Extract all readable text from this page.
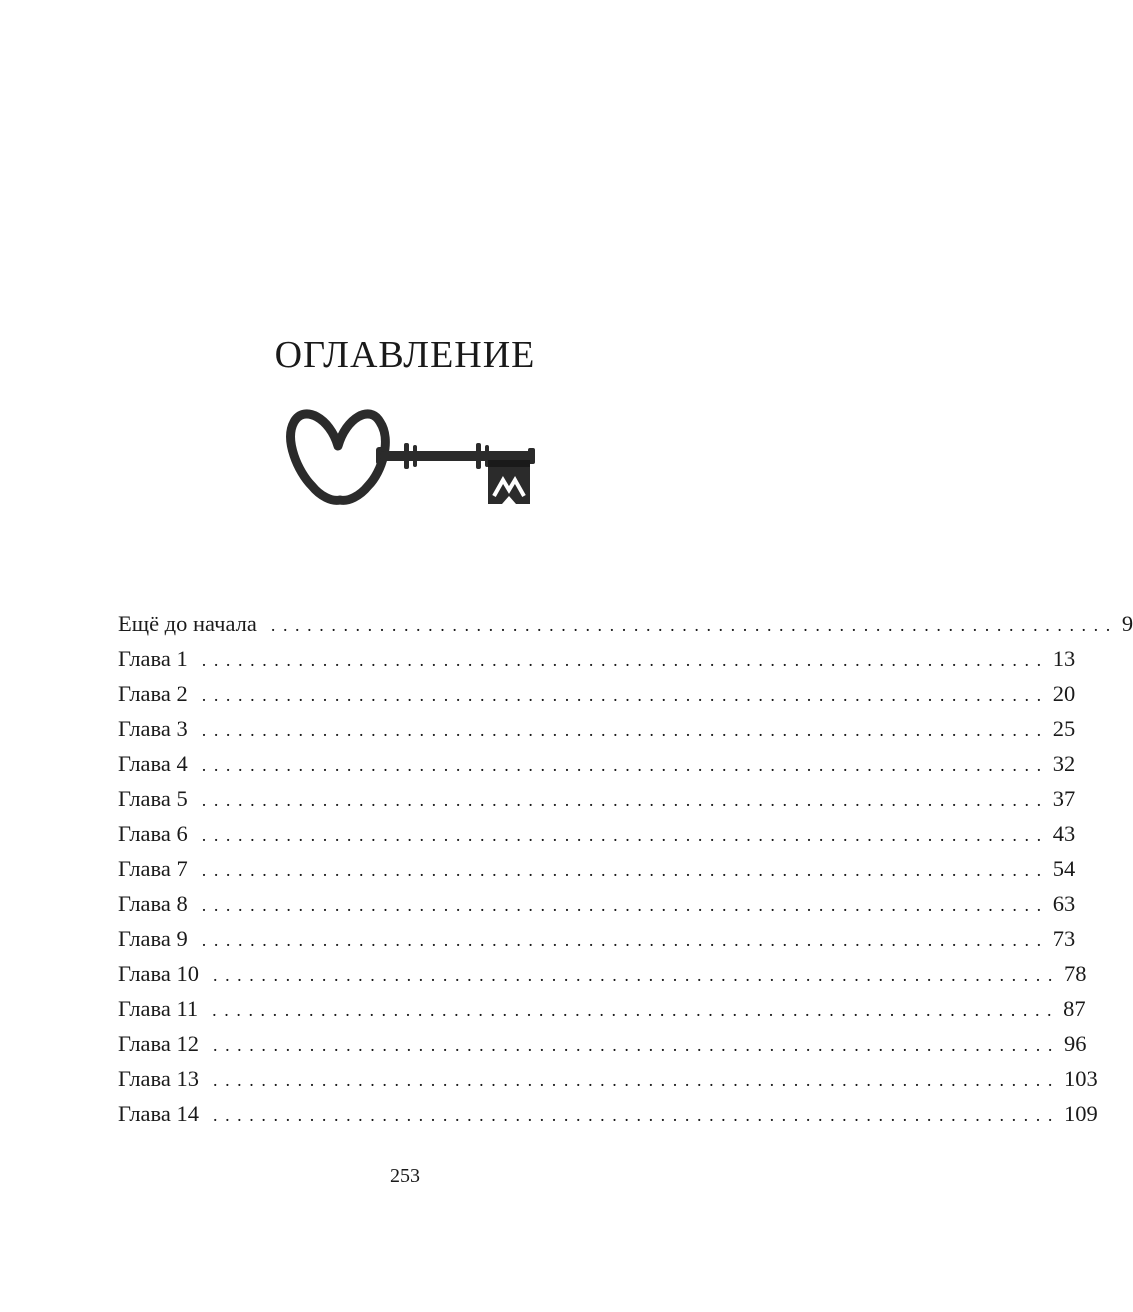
ОГЛАВЛЕНИЕ
Ещё до начала ...................................................................... 9
Глава 1 ...................................................................... 13
Глава 2 ...................................................................... 20
Глава 3 ...................................................................... 25
Глава 4 ...................................................................... 32
Глава 5 ...................................................................... 37
Глава 6 ...................................................................... 43
Глава 7 ...................................................................... 54
Глава 8 ...................................................................... 63
Глава 9 ...................................................................... 73
Глава 10 ...................................................................... 78
Глава 11 ...................................................................... 87
Глава 12 ...................................................................... 96
Глава 13 ...................................................................... 103
Глава 14 ...................................................................... 109
253
